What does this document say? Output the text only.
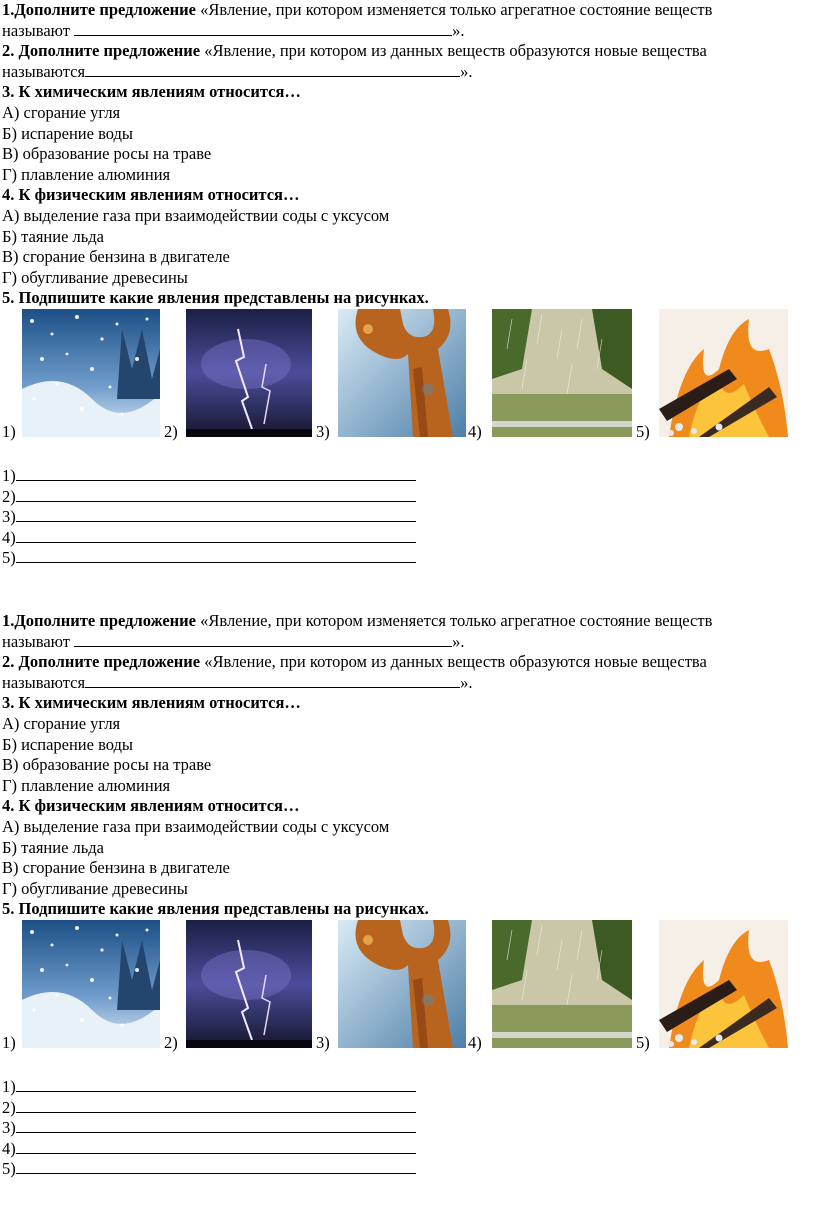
1.Дополните предложение «Явление, при котором изменяется только агрегатное состояние веществ
называют	».
2. Дополните предложение «Явление, при котором из данных веществ образуются новые вещества
называются	».
3. К химическим явлениям относится…
А) сгорание угля
Б) испарение воды
В) образование росы на траве
Г) плавление алюминия
4. К физическим явлениям относится…
А) выделение газа при взаимодействии соды с уксусом
Б) таяние льда
В) сгорание бензина в двигателе
Г) обугливание древесины
5. Подпишите какие явления представлены на рисунках.
1)	2)	3)	4)	5)
1)
2)
3)
4)
5)
1.Дополните предложение «Явление, при котором изменяется только агрегатное состояние веществ
называют	».
2. Дополните предложение «Явление, при котором из данных веществ образуются новые вещества
называются	».
3. К химическим явлениям относится…
А) сгорание угля
Б) испарение воды
В) образование росы на траве
Г) плавление алюминия
4. К физическим явлениям относится…
А) выделение газа при взаимодействии соды с уксусом
Б) таяние льда
В) сгорание бензина в двигателе
Г) обугливание древесины
5. Подпишите какие явления представлены на рисунках.
1)	2)	3)	4)	5)
1)
2)
3)
4)
5)
